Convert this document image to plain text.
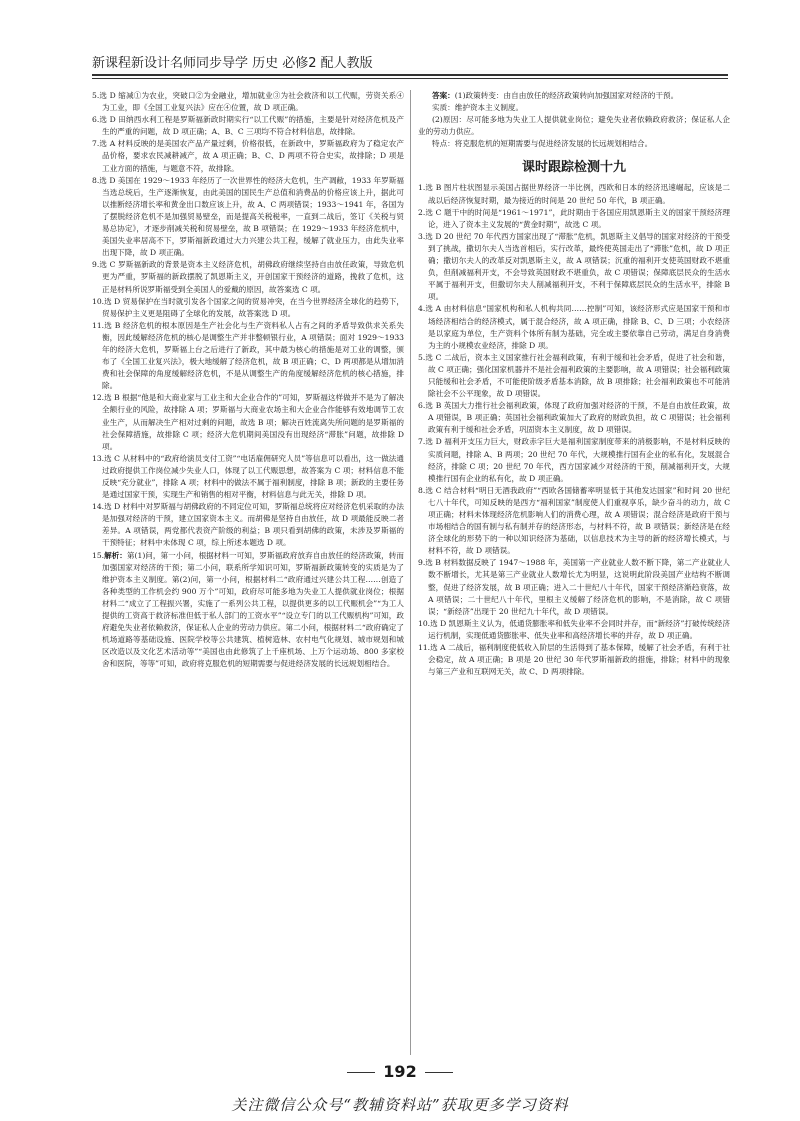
新课程新设计名师同步导学 历史 必修2 配人教版

5.选 D 缩减①为农业，突破口②为金融业，增加就业③为社会救济和以工代赈，劳资关系④为工业，即《全国工业复兴法》应在④位置，故 D 项正确。

6.选 D 田纳西水利工程是罗斯福新政时期实行“以工代赈”的措施，主要是针对经济危机及产生的严重的问题，故 D 项正确；A、B、C 三项均不符合材料信息，故排除。

7.选 A 材料反映的是美国农产品产量过剩，价格很低，在新政中，罗斯福政府为了稳定农产品价格，要求农民减耕减产，故 A 项正确；B、C、D 两项不符合史实，故排除；D 项是工业方面的措施，与题意不符，故排除。

8.选 D 美国在 1929～1933 年经历了一次世界性的经济大危机，生产凋敝，1933 年罗斯福当选总统后，生产逐渐恢复，由此美国的国民生产总值和消费品的价格应该上升，据此可以推断经济增长率和黄金出口数应该上升，故 A、C 两项错误；1933～1941 年，各国为了摆脱经济危机不是加强贸易壁垒，而是提高关税税率，一直到二战后，签订《关税与贸易总协定》，才逐步削减关税和贸易壁垒，故 B 项错误；在 1929～1933 年经济危机中，美国失业率居高不下，罗斯福新政通过大力兴建公共工程，缓解了就业压力，由此失业率出现下降，故 D 项正确。

9.选 C 罗斯福新政的背景是资本主义经济危机，胡佛政府继续坚持自由放任政策，导致危机更为严重，罗斯福的新政摆脱了凯恩斯主义，开创国家干预经济的道路，挽救了危机，这正是材料所说罗斯福受到全美国人的爱戴的原因，故答案选 C 项。

10.选 D 贸易保护在当时就引发各个国家之间的贸易冲突，在当今世界经济全球化的趋势下，贸易保护主义更是阻碍了全球化的发展，故答案选 D 项。

11.选 B 经济危机的根本原因是生产社会化与生产资料私人占有之间的矛盾导致供求关系失衡，因此缓解经济危机的核心是调整生产并非整顿银行业，A 项错误；面对 1929～1933 年的经济大危机，罗斯福上台之后进行了新政，其中最为核心的措施是对工业的调整，颁布了《全国工业复兴法》，极大地缓解了经济危机，故 B 项正确；C、D 两项都是从增加消费和社会保障的角度缓解经济危机，不是从调整生产的角度缓解经济危机的核心措施，排除。

12.选 B 根据“他是和大商业家与工业主和大企业合作的”可知，罗斯福这样做并不是为了解决全额行业的风险，故排除 A 项；罗斯福与大商业农场主和大企业合作能够有效地调节工农业生产，从而解决生产相对过剩的问题，故选 B 项；解决百姓流离失所问题的是罗斯福的社会保障措施，故排除 C 项；经济大危机期间美国没有出现经济“滞胀”问题，故排除 D 项。

13.选 C 从材料中的“政府给演员支付工资”“电话雇佣研究人员”等信息可以看出，这一做法通过政府提供工作岗位减少失业人口，体现了以工代赈思想，故答案为 C 项；材料信息不能反映“充分就业”，排除 A 项；材料中的做法不属于福利制度，排除 B 项；新政的主要任务是通过国家干预，实现生产和销售的相对平衡，材料信息与此无关，排除 D 项。

14.选 D 材料中对罗斯福与胡佛政府的不同定位可知，罗斯福总统将应对经济危机采取的办法是加强对经济的干预，建立国家资本主义。而胡佛是坚持自由放任，故 D 项最能反映二者差异。A 项错误，两党都代表资产阶级的利益；B 项只看到胡佛的政策，未涉及罗斯福的干预特征；材料中未体现 C 项，综上所述本题选 D 项。

15.解析：第(1)问，第一小问，根据材料一可知，罗斯福政府放弃自由放任的经济政策，转而加强国家对经济的干预；第二小问，联系所学知识可知，罗斯福新政策转变的实质是为了维护资本主义制度。第(2)问，第一小问，根据材料二“政府通过兴建公共工程……创造了各种类型的工作机会约 900 万个”可知，政府尽可能多地为失业工人提供就业岗位；根据材料二“成立了工程振兴署，实施了一系列公共工程，以提供更多的以工代赈机会”“为工人提供的工资高于救济标准但低于私人部门的工资水平”“设立专门的以工代赈机构”可知，政府避免失业者依赖救济，保证私人企业的劳动力供应。第二小问，根据材料二“政府确定了机场道路等基础设施、医院学校等公共建筑、植树造林、农村电气化规划、城市规划和城区改造以及文化艺术活动等”“美国也由此修筑了上千座机场、上万个运动场、800 多家校舍和医院，等等”可知，政府将克服危机的短期需要与促进经济发展的长远规划相结合。

答案：(1)政策转变：由自由放任的经济政策转向加强国家对经济的干预。

实质：维护资本主义制度。

(2)原因：尽可能多地为失业工人提供就业岗位；避免失业者依赖政府救济；保证私人企业的劳动力供应。

特点：将克服危机的短期需要与促进经济发展的长远规划相结合。

课时跟踪检测十九

1.选 B 图片柱状图显示美国占据世界经济一半比例，西欧和日本的经济迅速崛起，应该是二战以后经济恢复时期，最为接近的时间是 20 世纪 50 年代，B 项正确。

2.选 C 题干中的时间是“1961～1971”，此时期由于各国应用凯恩斯主义的国家干预经济理论，进入了资本主义发展的“黄金时期”，故选 C 项。

3.选 D 20 世纪 70 年代西方国家出现了“滞胀”危机，凯恩斯主义倡导的国家对经济的干预受到了挑战，撒切尔夫人当选首相后，实行改革，最终使英国走出了“滞胀”危机，故 D 项正确；撒切尔夫人的改革反对凯恩斯主义，故 A 项错误；沉重的福利开支使英国财政不堪重负，但削减福利开支，不会导致英国财政不堪重负，故 C 项错误；保障底层民众的生活水平属于福利开支，但撒切尔夫人削减福利开支，不利于保障底层民众的生活水平，排除 B 项。

4.选 A 由材料信息“国家机构和私人机构共同……控制”可知，该经济形式应是国家干预和市场经济相结合的经济模式，属于混合经济，故 A 项正确，排除 B、C、D 三项；小农经济是以家庭为单位，生产资料个体所有制为基础，完全或主要依靠自己劳动，满足自身消费为主的小规模农业经济，排除 D 项。

5.选 C 二战后，资本主义国家推行社会福利政策，有利于缓和社会矛盾，促进了社会和谐，故 C 项正确；强化国家机器并不是社会福利政策的主要影响，故 A 项错误；社会福利政策只能缓和社会矛盾，不可能使阶级矛盾基本消除，故 B 项排除；社会福利政策也不可能消除社会不公平现象，故 D 项错误。

6.选 B 英国大力推行社会福利政策，体现了政府加强对经济的干预，不是自由放任政策，故 A 项错误，B 项正确；英国社会福利政策加大了政府的财政负担，故 C 项错误；社会福利政策有利于缓和社会矛盾，巩固资本主义制度，故 D 项错误。

7.选 D 福利开支压力巨大，财政赤字巨大是福利国家制度带来的消极影响，不是材料反映的实质问题，排除 A、B 两项；20 世纪 70 年代，大规模推行国有企业的私有化，发展混合经济，排除 C 项；20 世纪 70 年代，西方国家减少对经济的干预，削减福利开支，大规模推行国有企业的私有化，故 D 项正确。

8.选 C 结合材料“明日无酒我政府”“西欧各国储蓄率明显低于其他发达国家”和时间 20 世纪七八十年代，可知反映的是西方“福利国家”制度使人们重视享乐，缺少奋斗的动力，故 C 项正确；材料未体现经济危机影响人们的消费心理，故 A 项错误；混合经济是政府干预与市场相结合的国有制与私有制并存的经济形态，与材料不符，故 B 项错误；新经济是在经济全球化的形势下的一种以知识经济为基础，以信息技术为主导的新的经济增长模式，与材料不符，故 D 项错误。

9.选 B 材料数据反映了 1947～1988 年，美国第一产业就业人数不断下降，第二产业就业人数不断增长，尤其是第三产业就业人数增长尤为明显，这说明此阶段美国产业结构不断调整，促进了经济发展，故 B 项正确；进入二十世纪八十年代，国家干预经济渐趋衰落，故 A 项错误；二十世纪八十年代，里根主义缓解了经济危机的影响，不是消除，故 C 项错误；“新经济”出现于 20 世纪九十年代，故 D 项错误。

10.选 D 凯恩斯主义认为，低通货膨胀率和低失业率不会同时并存，而“新经济”打破传统经济运行机制，实现低通货膨胀率、低失业率和高经济增长率的并存，故 D 项正确。

11.选 A 二战后，福利制度使低收入阶层的生活得到了基本保障，缓解了社会矛盾，有利于社会稳定，故 A 项正确；B 项是 20 世纪 30 年代罗斯福新政的措施，排除；材料中的现象与第三产业和互联网无关，故 C、D 两项排除。

192
关注微信公众号“教辅资料站”获取更多学习资料
